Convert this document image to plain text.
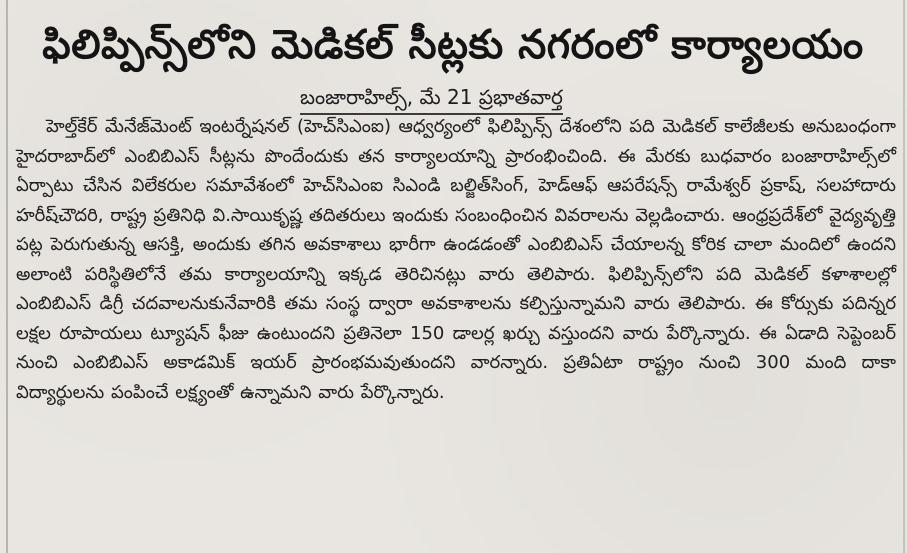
ఫిలిప్పిన్స్‌లోని మెడికల్ సీట్లకు నగరంలో కార్యాలయం
బంజారాహిల్స్, మే 21 ప్రభాతవార్త

హెల్త్‌కేర్ మేనేజ్‌మెంట్ ఇంటర్నేషనల్ (హెచ్‌సిఎంఐ) ఆధ్వర్యంలో ఫిలిప్పిన్స్ దేశంలోని పది మెడికల్ కాలేజీలకు అనుబంధంగా హైదరాబాద్‌లో ఎంబిబిఎస్ సీట్లను పొందేందుకు తన కార్యాలయాన్ని ప్రారంభించింది. ఈ మేరకు బుధవారం బంజారాహిల్స్‌లో ఏర్పాటు చేసిన విలేకరుల సమావేశంలో హెచ్‌సిఎంఐ సిఎండి బల్జిత్‌సింగ్, హెడ్‌ఆఫ్ ఆపరేషన్స్ రామేశ్వర్ ప్రకాష్, సలహాదారు హరీష్‌చౌదరి, రాష్ట్ర ప్రతినిధి వి.సాయికృష్ణ తదితరులు ఇందుకు సంబంధించిన వివరాలను వెల్లడించారు. ఆంధ్రప్రదేశ్‌లో వైద్యవృత్తి పట్ల పెరుగుతున్న ఆసక్తి, అందుకు తగిన అవకాశాలు భారీగా ఉండడంతో ఎంబిబిఎస్ చేయాలన్న కోరిక చాలా మందిలో ఉందని అలాంటి పరిస్థితిలోనే తమ కార్యాలయాన్ని ఇక్కడ తెరిచినట్లు వారు తెలిపారు. ఫిలిప్పిన్స్‌లోని పది మెడికల్ కళాశాలల్లో ఎంబిబిఎస్ డిగ్రీ చదవాలనుకునేవారికి తమ సంస్థ ద్వారా అవకాశాలను కల్పిస్తున్నామని వారు తెలిపారు. ఈ కోర్సుకు పదిన్నర లక్షల రూపాయలు ట్యూషన్ ఫీజు ఉంటుందని ప్రతినెలా 150 డాలర్ల ఖర్చు వస్తుందని వారు పేర్కొన్నారు. ఈ ఏడాది సెప్టెంబర్ నుంచి ఎంబిబిఎస్ అకాడమిక్ ఇయర్ ప్రారంభమవుతుందని వారన్నారు. ప్రతిఏటా రాష్ట్రం నుంచి 300 మంది దాకా విద్యార్థులను పంపించే లక్ష్యంతో ఉన్నామని వారు పేర్కొన్నారు.
